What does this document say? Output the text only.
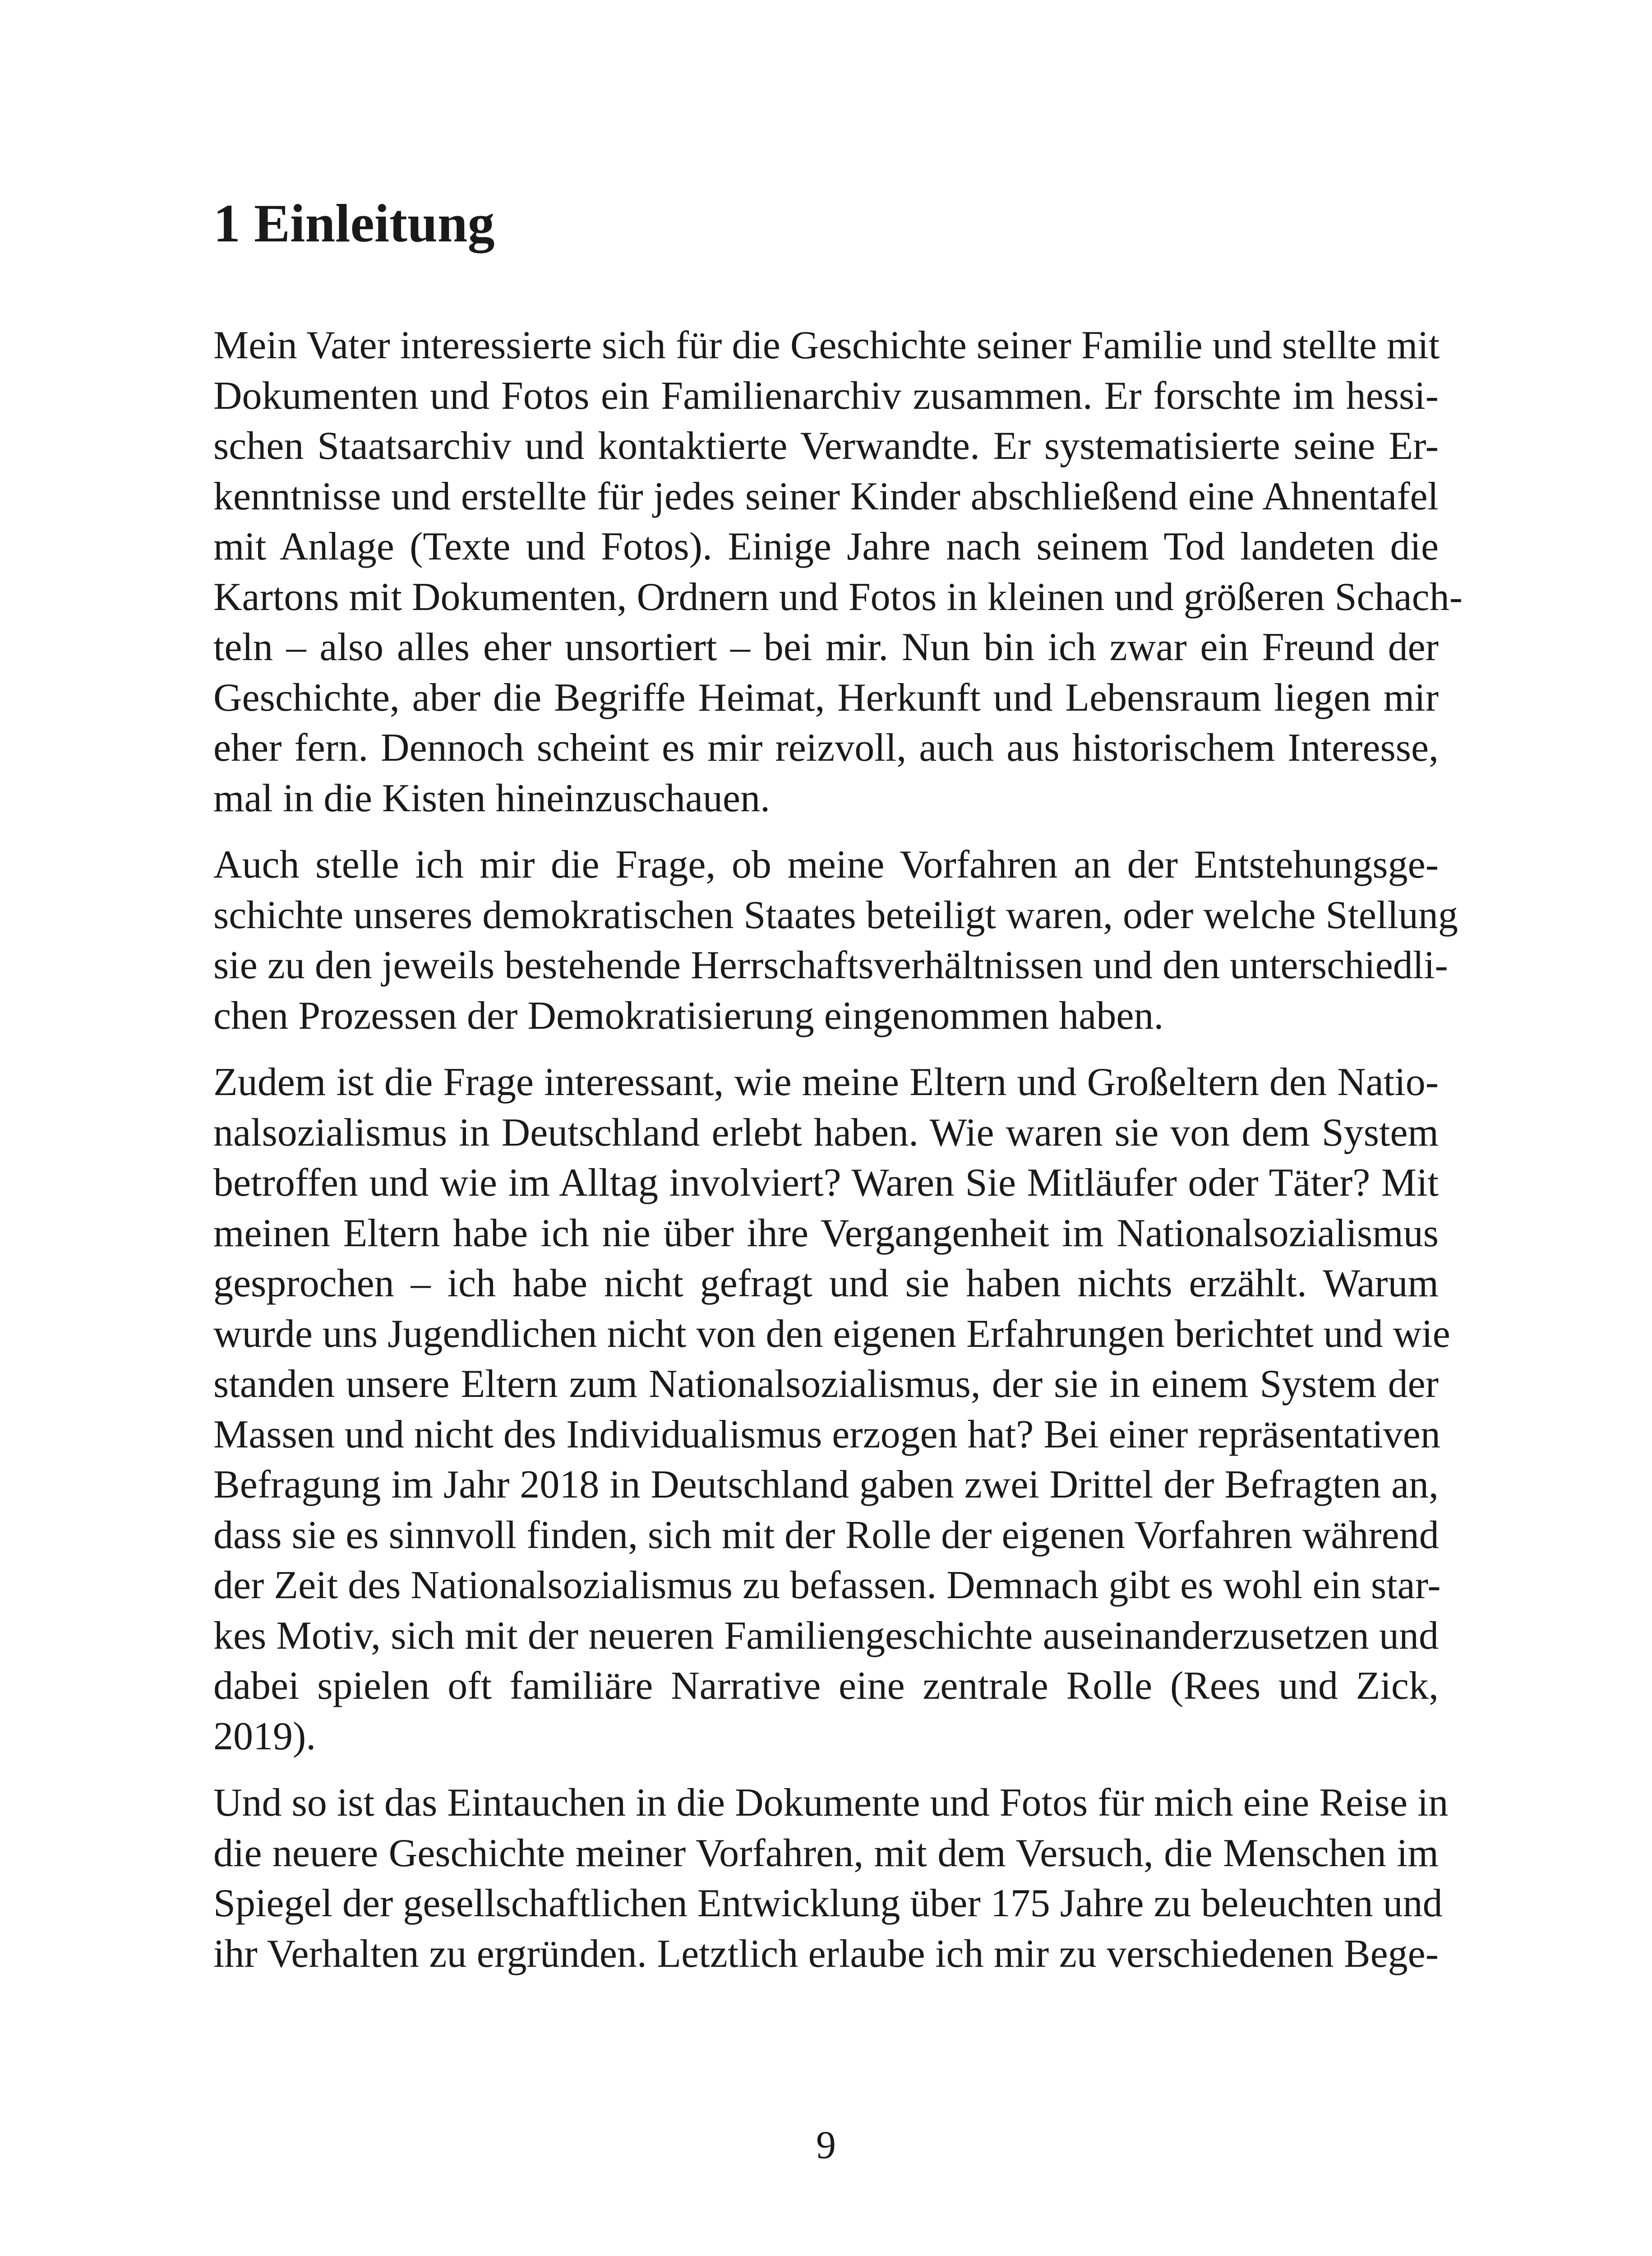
1 Einleitung

Mein Vater interessierte sich für die Geschichte seiner Familie und stellte mit
Dokumenten und Fotos ein Familienarchiv zusammen. Er forschte im hessi-
schen Staatsarchiv und kontaktierte Verwandte. Er systematisierte seine Er-
kenntnisse und erstellte für jedes seiner Kinder abschließend eine Ahnentafel
mit Anlage (Texte und Fotos). Einige Jahre nach seinem Tod landeten die
Kartons mit Dokumenten, Ordnern und Fotos in kleinen und größeren Schach-
teln – also alles eher unsortiert – bei mir. Nun bin ich zwar ein Freund der
Geschichte, aber die Begriffe Heimat, Herkunft und Lebensraum liegen mir
eher fern. Dennoch scheint es mir reizvoll, auch aus historischem Interesse,
mal in die Kisten hineinzuschauen.

Auch stelle ich mir die Frage, ob meine Vorfahren an der Entstehungsge-
schichte unseres demokratischen Staates beteiligt waren, oder welche Stellung
sie zu den jeweils bestehende Herrschaftsverhältnissen und den unterschiedli-
chen Prozessen der Demokratisierung eingenommen haben.

Zudem ist die Frage interessant, wie meine Eltern und Großeltern den Natio-
nalsozialismus in Deutschland erlebt haben. Wie waren sie von dem System
betroffen und wie im Alltag involviert? Waren Sie Mitläufer oder Täter? Mit
meinen Eltern habe ich nie über ihre Vergangenheit im Nationalsozialismus
gesprochen – ich habe nicht gefragt und sie haben nichts erzählt. Warum
wurde uns Jugendlichen nicht von den eigenen Erfahrungen berichtet und wie
standen unsere Eltern zum Nationalsozialismus, der sie in einem System der
Massen und nicht des Individualismus erzogen hat? Bei einer repräsentativen
Befragung im Jahr 2018 in Deutschland gaben zwei Drittel der Befragten an,
dass sie es sinnvoll finden, sich mit der Rolle der eigenen Vorfahren während
der Zeit des Nationalsozialismus zu befassen. Demnach gibt es wohl ein star-
kes Motiv, sich mit der neueren Familiengeschichte auseinanderzusetzen und
dabei spielen oft familiäre Narrative eine zentrale Rolle (Rees und Zick,
2019).

Und so ist das Eintauchen in die Dokumente und Fotos für mich eine Reise in
die neuere Geschichte meiner Vorfahren, mit dem Versuch, die Menschen im
Spiegel der gesellschaftlichen Entwicklung über 175 Jahre zu beleuchten und
ihr Verhalten zu ergründen. Letztlich erlaube ich mir zu verschiedenen Bege-

9
